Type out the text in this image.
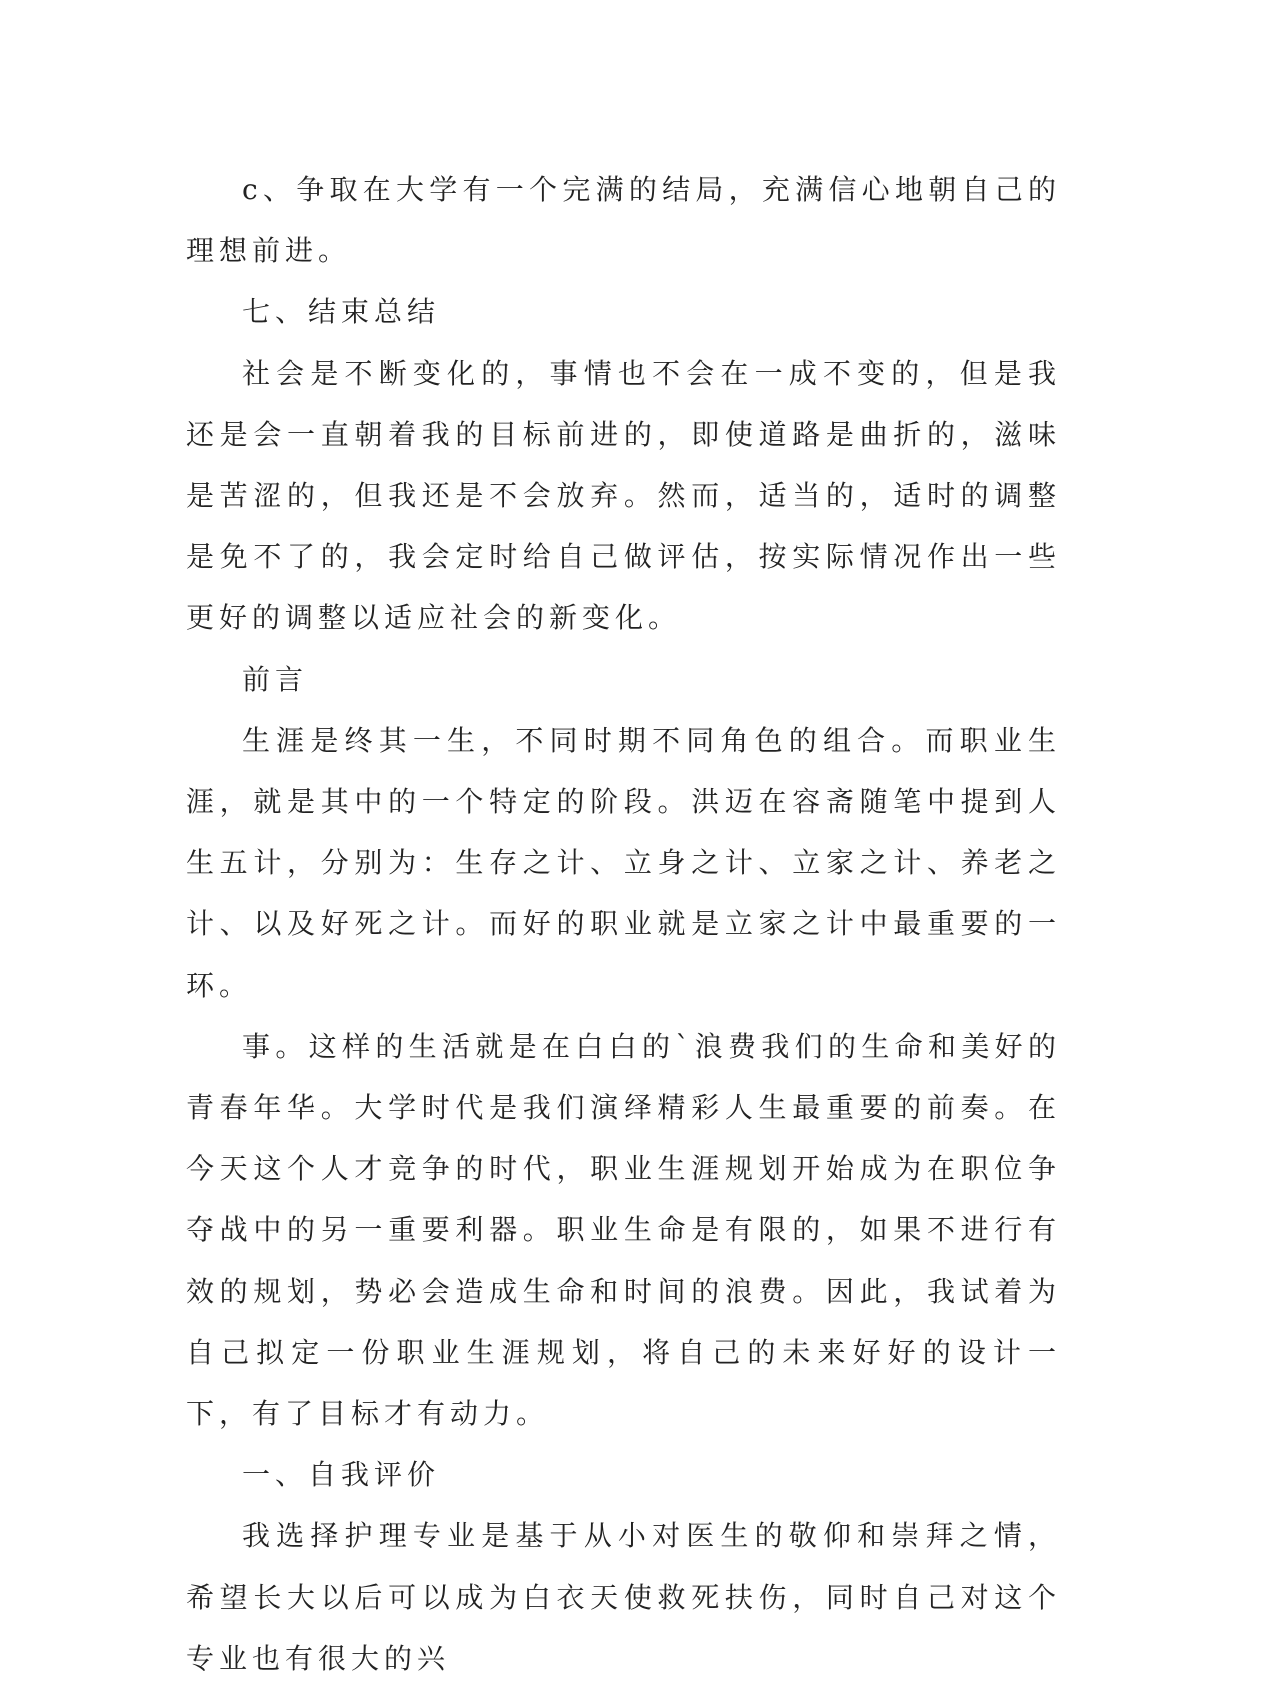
c、争取在大学有一个完满的结局，充满信心地朝自己的理想前进。

七、结束总结

社会是不断变化的，事情也不会在一成不变的，但是我还是会一直朝着我的目标前进的，即使道路是曲折的，滋味是苦涩的，但我还是不会放弃。然而，适当的，适时的调整是免不了的，我会定时给自己做评估，按实际情况作出一些更好的调整以适应社会的新变化。

前言

生涯是终其一生，不同时期不同角色的组合。而职业生涯，就是其中的一个特定的阶段。洪迈在容斋随笔中提到人生五计，分别为：生存之计、立身之计、立家之计、养老之计、以及好死之计。而好的职业就是立家之计中最重要的一环。

事。这样的生活就是在白白的`浪费我们的生命和美好的青春年华。大学时代是我们演绎精彩人生最重要的前奏。在今天这个人才竞争的时代，职业生涯规划开始成为在职位争夺战中的另一重要利器。职业生命是有限的，如果不进行有效的规划，势必会造成生命和时间的浪费。因此，我试着为自己拟定一份职业生涯规划，将自己的未来好好的设计一下，有了目标才有动力。

一、自我评价

我选择护理专业是基于从小对医生的敬仰和崇拜之情，希望长大以后可以成为白衣天使救死扶伤，同时自己对这个专业也有很大的兴
